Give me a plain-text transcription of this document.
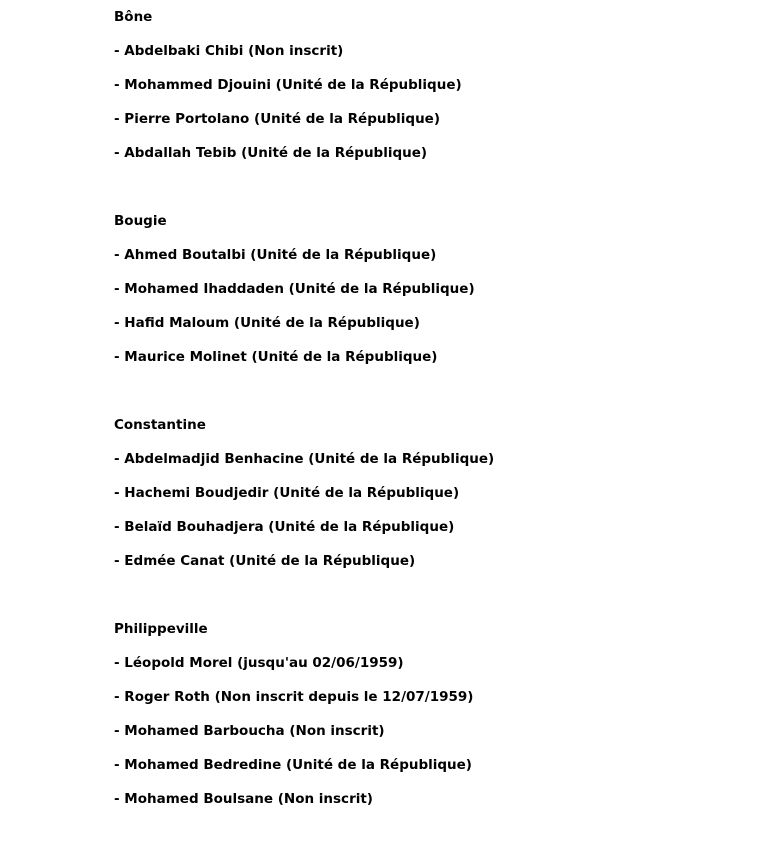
Bône
- Abdelbaki Chibi (Non inscrit)
- Mohammed Djouini (Unité de la République)
- Pierre Portolano (Unité de la République)
- Abdallah Tebib (Unité de la République)
Bougie
- Ahmed Boutalbi (Unité de la République)
- Mohamed Ihaddaden (Unité de la République)
- Hafid Maloum (Unité de la République)
- Maurice Molinet (Unité de la République)
Constantine
- Abdelmadjid Benhacine (Unité de la République)
- Hachemi Boudjedir (Unité de la République)
- Belaïd Bouhadjera (Unité de la République)
- Edmée Canat (Unité de la République)
Philippeville
- Léopold Morel (jusqu'au 02/06/1959)
- Roger Roth (Non inscrit depuis le 12/07/1959)
- Mohamed Barboucha (Non inscrit)
- Mohamed Bedredine (Unité de la République)
- Mohamed Boulsane (Non inscrit)
